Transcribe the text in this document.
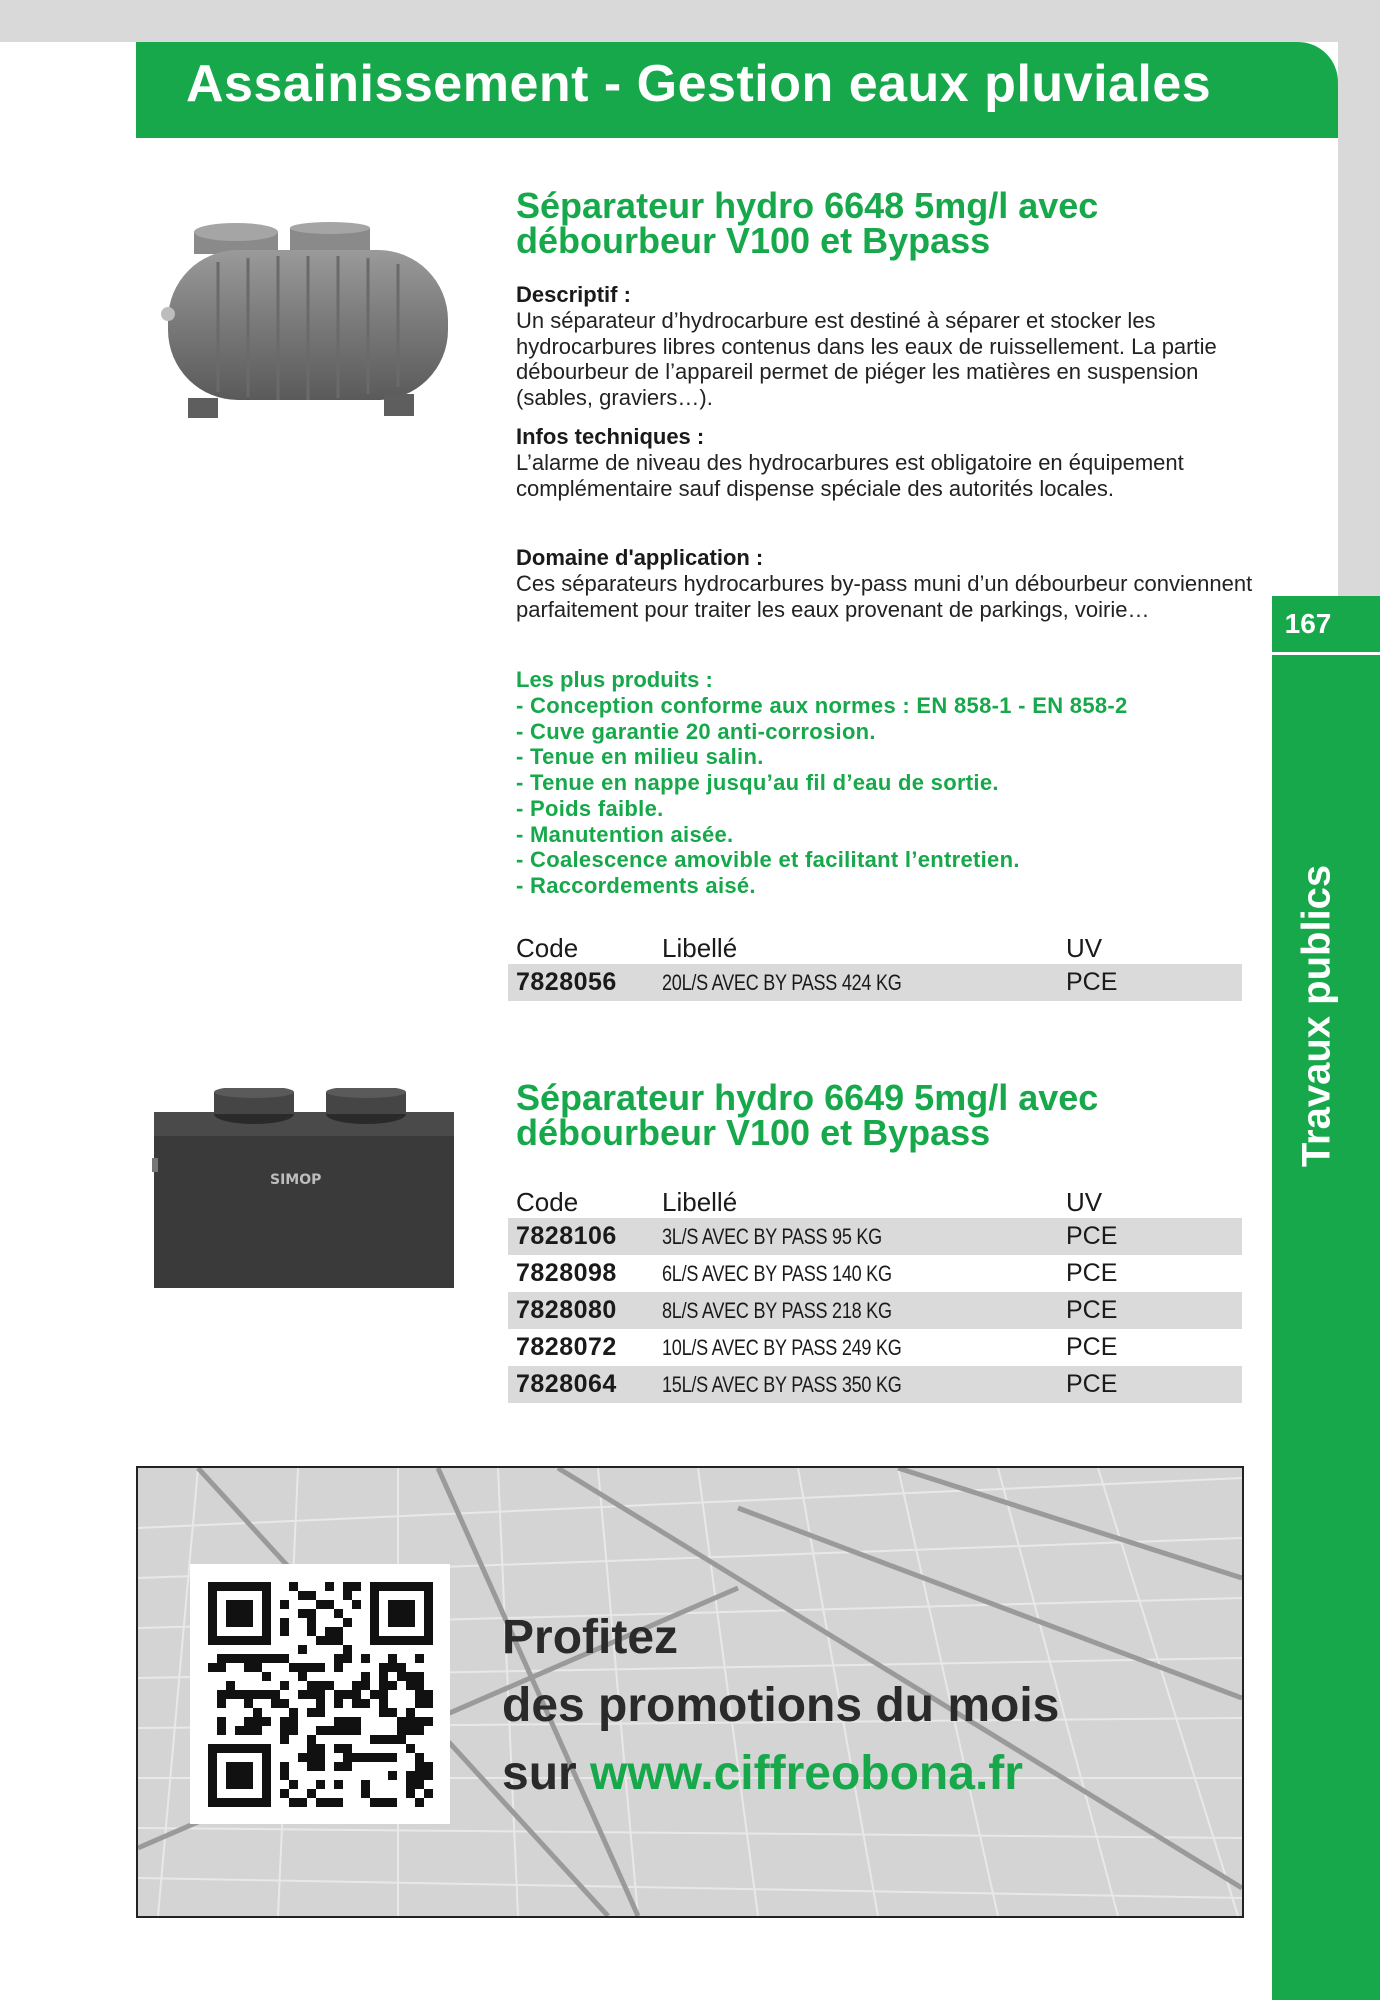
Assainissement - Gestion eaux pluviales
167
Travaux publics
Séparateur hydro 6648 5mg/l avec débourbeur V100 et Bypass
Descriptif :
Un séparateur d’hydrocarbure est destiné à séparer et stocker les hydrocarbures libres contenus dans les eaux de ruissellement. La partie débourbeur de l’appareil permet de piéger les matières en suspension (sables, graviers…).
Infos techniques :
L’alarme de niveau des hydrocarbures est obligatoire en équipement complémentaire sauf dispense spéciale des autorités locales.
Domaine d'application :
Ces séparateurs hydrocarbures by-pass muni d’un débourbeur conviennent parfaitement pour traiter les eaux provenant de parkings, voirie…
Les plus produits :
- Conception conforme aux normes : EN 858-1 - EN 858-2
- Cuve garantie 20 anti-corrosion.
- Tenue en milieu salin.
- Tenue en nappe jusqu’au fil d’eau de sortie.
- Poids faible.
- Manutention aisée.
- Coalescence amovible et facilitant l’entretien.
- Raccordements aisé.
Code	Libellé	UV
7828056	20L/S AVEC BY PASS 424 KG	PCE
SIMOP
Séparateur hydro 6649 5mg/l avec débourbeur V100 et Bypass
Code	Libellé	UV
7828106	3L/S AVEC BY PASS 95 KG	PCE
7828098	6L/S AVEC BY PASS 140 KG	PCE
7828080	8L/S AVEC BY PASS 218 KG	PCE
7828072	10L/S AVEC BY PASS 249 KG	PCE
7828064	15L/S AVEC BY PASS 350 KG	PCE
Profitez
des promotions du mois
sur www.ciffreobona.fr
